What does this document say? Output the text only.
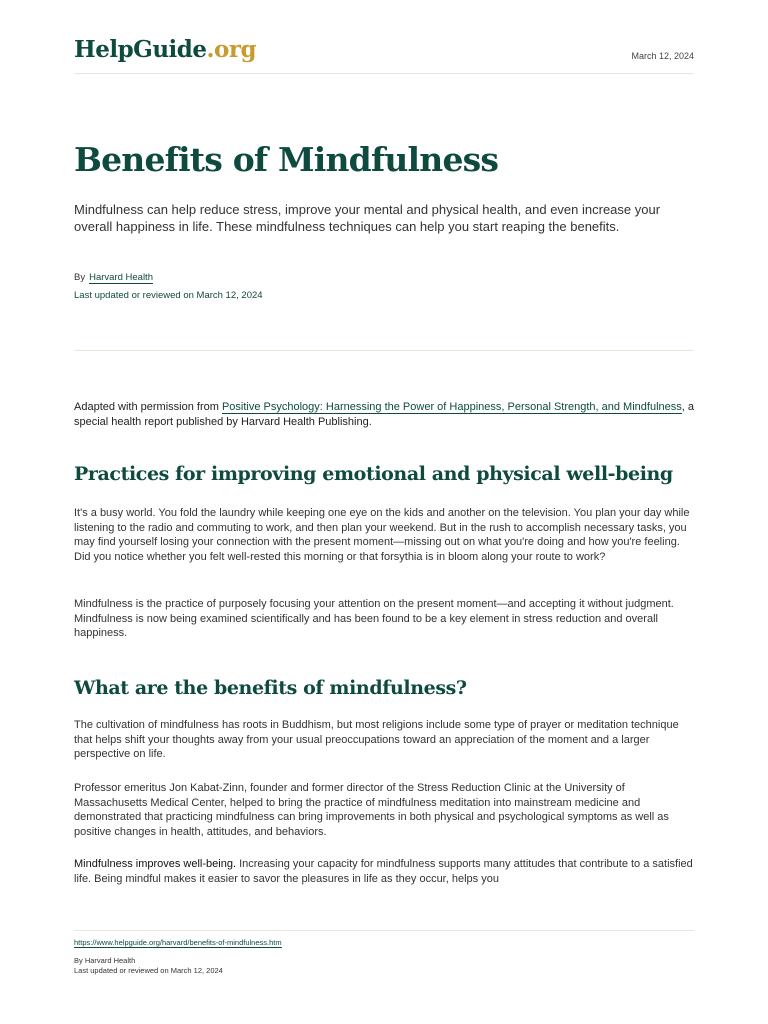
HelpGuide.org	March 12, 2024
Benefits of Mindfulness

Mindfulness can help reduce stress, improve your mental and physical health, and even increase your overall happiness in life. These mindfulness techniques can help you start reaping the benefits.

By Harvard Health
Last updated or reviewed on March 12, 2024

Adapted with permission from Positive Psychology: Harnessing the Power of Happiness, Personal Strength, and Mindfulness, a special health report published by Harvard Health Publishing.

Practices for improving emotional and physical well-being

It's a busy world. You fold the laundry while keeping one eye on the kids and another on the television. You plan your day while listening to the radio and commuting to work, and then plan your weekend. But in the rush to accomplish necessary tasks, you may find yourself losing your connection with the present moment—missing out on what you're doing and how you're feeling. Did you notice whether you felt well-rested this morning or that forsythia is in bloom along your route to work?

Mindfulness is the practice of purposely focusing your attention on the present moment—and accepting it without judgment. Mindfulness is now being examined scientifically and has been found to be a key element in stress reduction and overall happiness.

What are the benefits of mindfulness?

The cultivation of mindfulness has roots in Buddhism, but most religions include some type of prayer or meditation technique that helps shift your thoughts away from your usual preoccupations toward an appreciation of the moment and a larger perspective on life.

Professor emeritus Jon Kabat-Zinn, founder and former director of the Stress Reduction Clinic at the University of Massachusetts Medical Center, helped to bring the practice of mindfulness meditation into mainstream medicine and demonstrated that practicing mindfulness can bring improvements in both physical and psychological symptoms as well as positive changes in health, attitudes, and behaviors.

Mindfulness improves well-being. Increasing your capacity for mindfulness supports many attitudes that contribute to a satisfied life. Being mindful makes it easier to savor the pleasures in life as they occur, helps you

https://www.helpguide.org/harvard/benefits-of-mindfulness.htm
By Harvard Health
Last updated or reviewed on March 12, 2024
